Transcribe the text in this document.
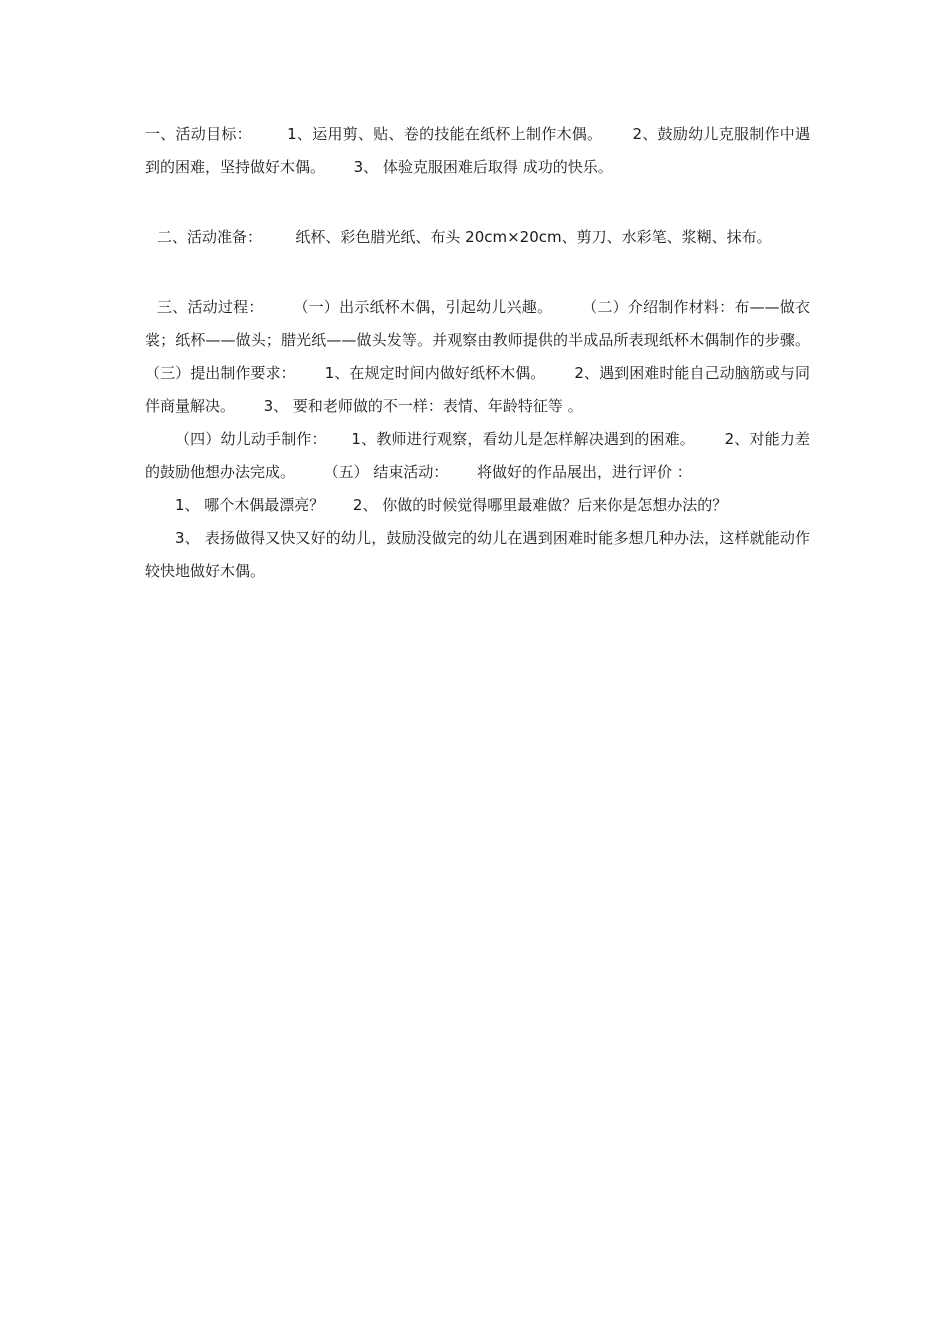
一、活动目标：       1、运用剪、贴、卷的技能在纸杯上制作木偶。      2、鼓励幼儿克服制作中遇到的困难，坚持做好木偶。      3、 体验克服困难后取得 成功的快乐。

二、活动准备：       纸杯、彩色腊光纸、布头 20cm×20cm、剪刀、水彩笔、浆糊、抹布。

三、活动过程：      （一）出示纸杯木偶，引起幼儿兴趣。      （二）介绍制作材料：布——做衣裳；纸杯——做头；腊光纸——做头发等。并观察由教师提供的半成品所表现纸杯木偶制作的步骤。    （三）提出制作要求：      1、在规定时间内做好纸杯木偶。      2、遇到困难时能自己动脑筋或与同伴商量解决。      3、 要和老师做的不一样：表情、年龄特征等 。

（四）幼儿动手制作：     1、教师进行观察，看幼儿是怎样解决遇到的困难。      2、对能力差的鼓励他想办法完成。      （五） 结束活动：      将做好的作品展出，进行评价 ：

1、 哪个木偶最漂亮？      2、 你做的时候觉得哪里最难做？后来你是怎想办法的？

3、 表扬做得又快又好的幼儿，鼓励没做完的幼儿在遇到困难时能多想几种办法，这样就能动作较快地做好木偶。
